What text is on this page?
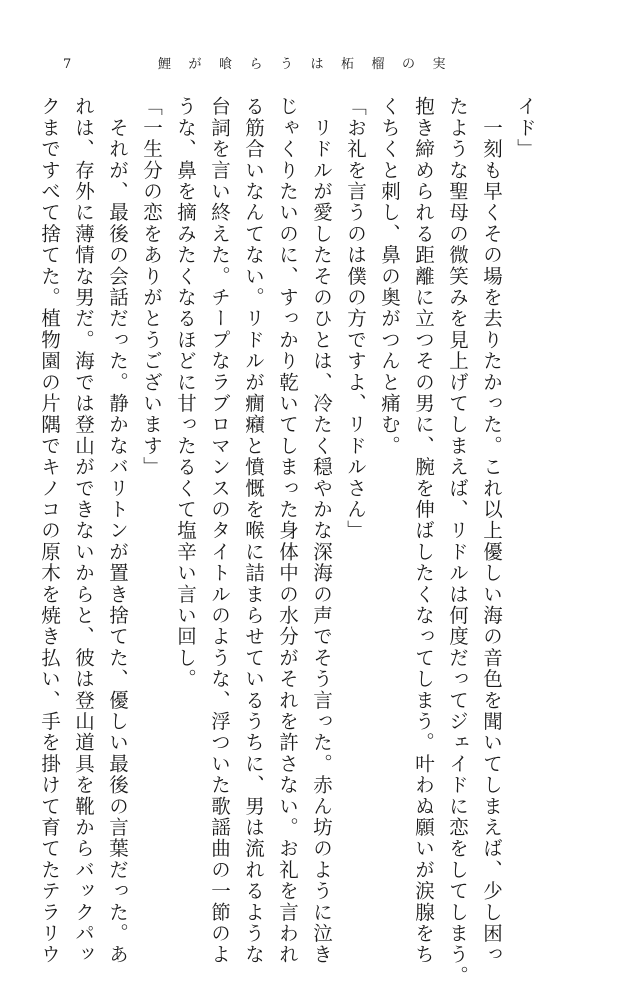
7	鯉が喰らうは柘榴の実
イド」
　一刻も早くその場を去りたかった。これ以上優しい海の音色を聞いてしまえば、少し困っ
たような聖母の微笑みを見上げてしまえば、リドルは何度だってジェイドに恋をしてしまう。
抱き締められる距離に立つその男に、腕を伸ばしたくなってしまう。叶わぬ願いが涙腺をち
くちくと刺し、鼻の奥がつんと痛む。
「お礼を言うのは僕の方ですよ、リドルさん」
　リドルが愛したそのひとは、冷たく穏やかな深海の声でそう言った。赤ん坊のように泣き
じゃくりたいのに、すっかり乾いてしまった身体中の水分がそれを許さない。お礼を言われ
る筋合いなんてない。リドルが癇癪と憤慨を喉に詰まらせているうちに、男は流れるような
台詞を言い終えた。チープなラブロマンスのタイトルのような、浮ついた歌謡曲の一節のよ
うな、鼻を摘みたくなるほどに甘ったるくて塩辛い言い回し。
「一生分の恋をありがとうございます」
　それが、最後の会話だった。静かなバリトンが置き捨てた、優しい最後の言葉だった。あ
れは、存外に薄情な男だ。海では登山ができないからと、彼は登山道具を靴からバックパッ
クまですべて捨てた。植物園の片隅でキノコの原木を焼き払い、手を掛けて育てたテラリウ
